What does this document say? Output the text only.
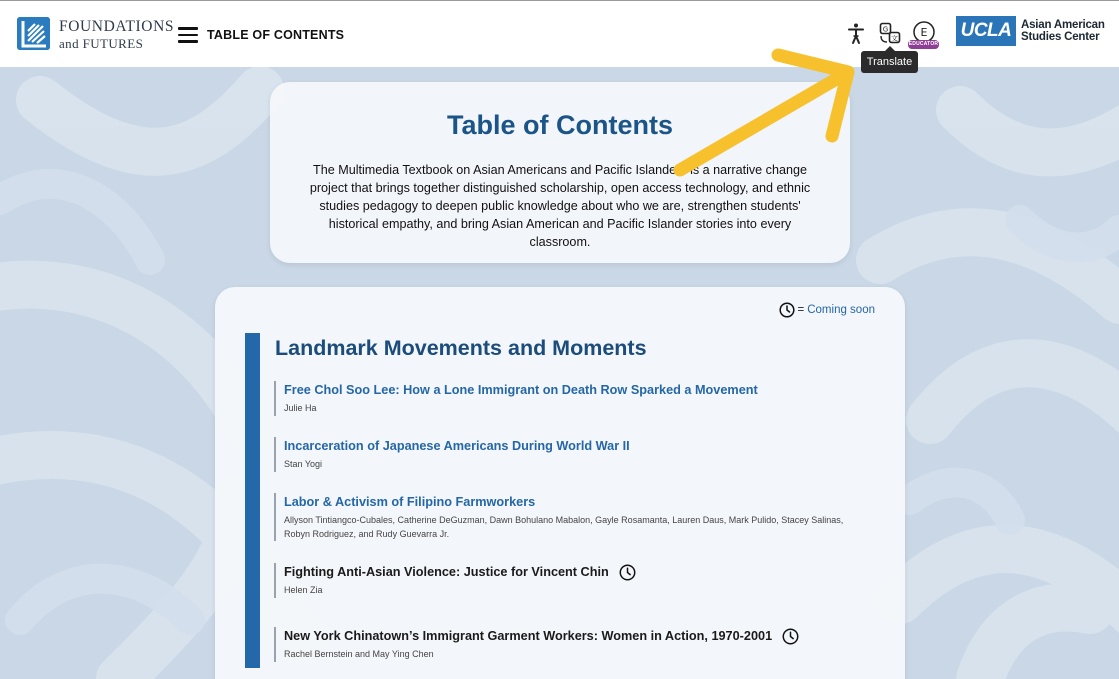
FOUNDATIONS
and FUTURES
TABLE OF CONTENTS	G
文 E
EDUCATOR
UCLA Asian American
Studies Center
Translate
Table of Contents

The Multimedia Textbook on Asian Americans and Pacific Islanders is a narrative change project that brings together distinguished scholarship, open access technology, and ethnic studies pedagogy to deepen public knowledge about who we are, strengthen students' historical empathy, and bring Asian American and Pacific Islander stories into every classroom.

= Coming soon
Landmark Movements and Moments
Free Chol Soo Lee: How a Lone Immigrant on Death Row Sparked a Movement
Julie Ha
Incarceration of Japanese Americans During World War II
Stan Yogi
Labor & Activism of Filipino Farmworkers
Allyson Tintiangco-Cubales, Catherine DeGuzman, Dawn Bohulano Mabalon, Gayle Rosamanta, Lauren Daus, Mark Pulido, Stacey Salinas, Robyn Rodriguez, and Rudy Guevarra Jr.
Fighting Anti-Asian Violence: Justice for Vincent Chin
Helen Zia
New York Chinatown’s Immigrant Garment Workers: Women in Action, 1970-2001
Rachel Bernstein and May Ying Chen
